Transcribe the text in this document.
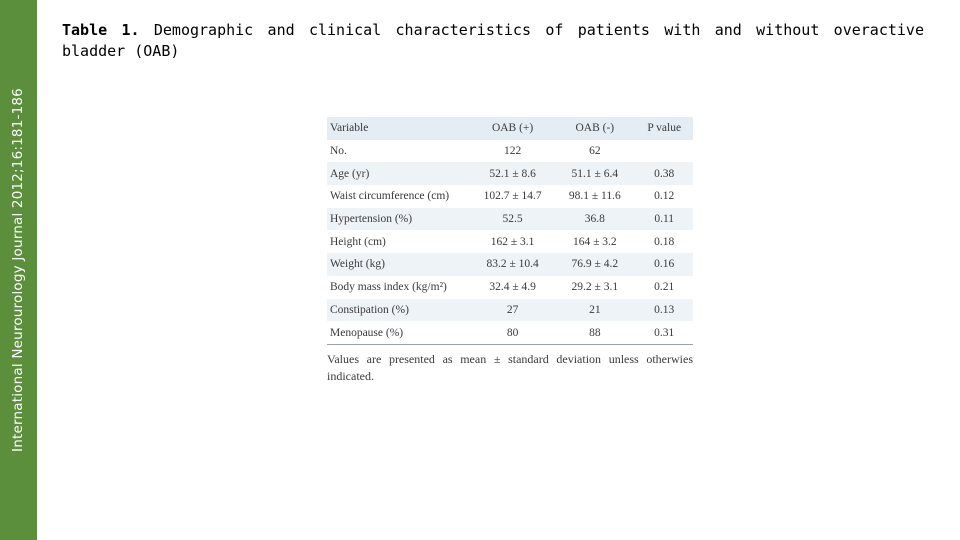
International Neurourology Journal 2012;16:181-186
Table 1. Demographic and clinical characteristics of patients with and without overactive bladder (OAB)
Variable	OAB (+)	OAB (-)	P value
No.	122	62	
Age (yr)	52.1 ± 8.6	51.1 ± 6.4	0.38
Waist circumference (cm)	102.7 ± 14.7	98.1 ± 11.6	0.12
Hypertension (%)	52.5	36.8	0.11
Height (cm)	162 ± 3.1	164 ± 3.2	0.18
Weight (kg)	83.2 ± 10.4	76.9 ± 4.2	0.16
Body mass index (kg/m²)	32.4 ± 4.9	29.2 ± 3.1	0.21
Constipation (%)	27	21	0.13
Menopause (%)	80	88	0.31
Values are presented as mean ± standard deviation unless otherwies indicated.
